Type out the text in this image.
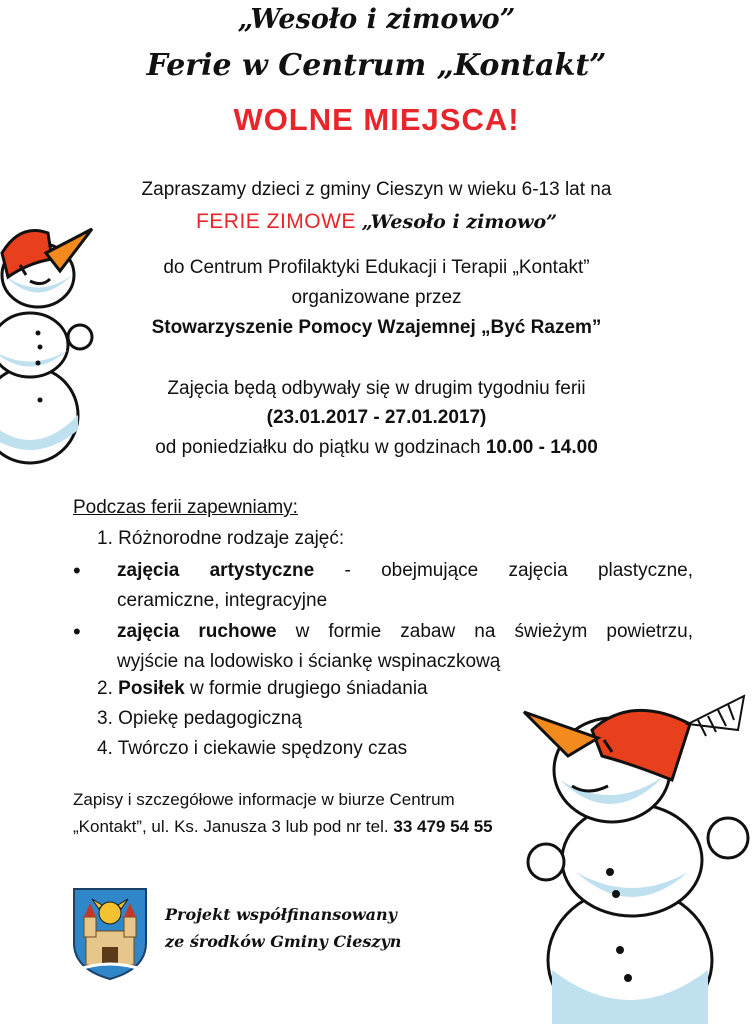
„Wesoło i zimowo”
Ferie w Centrum „Kontakt”
WOLNE MIEJSCA!
Zapraszamy dzieci z gminy Cieszyn w wieku 6-13 lat na
FERIE ZIMOWE „Wesoło i zimowo”
do Centrum Profilaktyki Edukacji i Terapii „Kontakt”
organizowane przez
Stowarzyszenie Pomocy Wzajemnej „Być Razem”
Zajęcia będą odbywały się w drugim tygodniu ferii
(23.01.2017 - 27.01.2017)
od poniedziałku do piątku w godzinach 10.00 - 14.00
Podczas ferii zapewniamy:
1. Różnorodne rodzaje zajęć:
• zajęcia artystyczne - obejmujące zajęcia plastyczne,
ceramiczne, integracyjne
• zajęcia ruchowe w formie zabaw na świeżym powietrzu,
wyjście na lodowisko i ściankę wspinaczkową
2. Posiłek w formie drugiego śniadania
3. Opiekę pedagogiczną
4. Twórczo i ciekawie spędzony czas
Zapisy i szczegółowe informacje w biurze Centrum
„Kontakt”, ul. Ks. Janusza 3 lub pod nr tel. 33 479 54 55
Projekt współfinansowany
ze środków Gminy Cieszyn
